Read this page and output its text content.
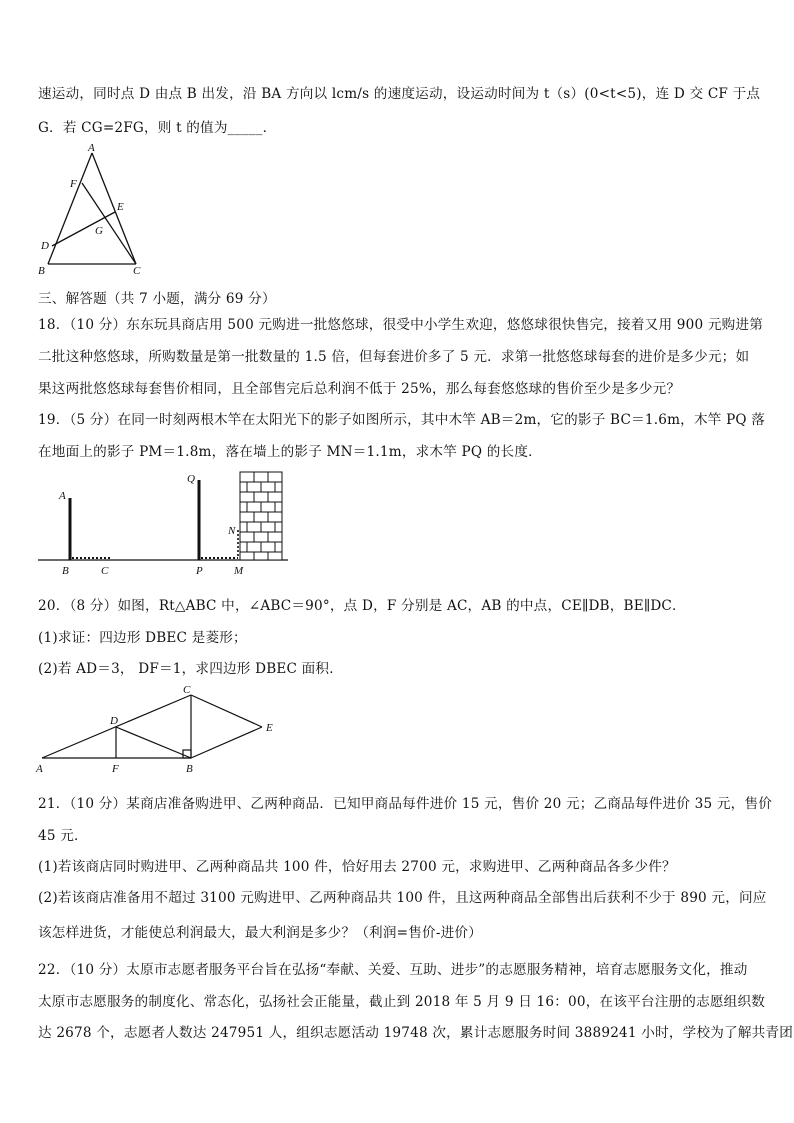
速运动，同时点 D 由点 B 出发，沿 BA 方向以 lcm/s 的速度运动，设运动时间为 t（s）(0<t<5)，连 D 交 CF 于点
G．若 CG=2FG，则 t 的值为_____．
A
F
E
G
D
B	C
三、解答题（共 7 小题，满分 69 分）
18．（10 分）东东玩具商店用 500 元购进一批悠悠球，很受中小学生欢迎，悠悠球很快售完，接着又用 900 元购进第
二批这种悠悠球，所购数量是第一批数量的 1.5 倍，但每套进价多了 5 元．求第一批悠悠球每套的进价是多少元；如
果这两批悠悠球每套售价相同，且全部售完后总利润不低于 25%，那么每套悠悠球的售价至少是多少元？
19．（5 分）在同一时刻两根木竿在太阳光下的影子如图所示，其中木竿 AB＝2m，它的影子 BC＝1.6m，木竿 PQ 落
在地面上的影子 PM＝1.8m，落在墙上的影子 MN＝1.1m，求木竿 PQ 的长度．
A
Q
N
B	C	P	M
20．（8 分）如图，Rt△ABC 中，∠ABC＝90°，点 D，F 分别是 AC，AB 的中点，CE∥DB，BE∥DC．
(1)求证：四边形 DBEC 是菱形；
(2)若 AD＝3， DF＝1，求四边形 DBEC 面积．
C
D
E
A	F	B
21．（10 分）某商店准备购进甲、乙两种商品．已知甲商品每件进价 15 元，售价 20 元；乙商品每件进价 35 元，售价
45 元．
(1)若该商店同时购进甲、乙两种商品共 100 件，恰好用去 2700 元，求购进甲、乙两种商品各多少件？
(2)若该商店准备用不超过 3100 元购进甲、乙两种商品共 100 件，且这两种商品全部售出后获利不少于 890 元，问应
该怎样进货，才能使总利润最大，最大利润是多少？（利润=售价-进价）
22．（10 分）太原市志愿者服务平台旨在弘扬“奉献、关爱、互助、进步”的志愿服务精神，培育志愿服务文化，推动
太原市志愿服务的制度化、常态化，弘扬社会正能量，截止到 2018 年 5 月 9 日 16：00，在该平台注册的志愿组织数
达 2678 个，志愿者人数达 247951 人，组织志愿活动 19748 次，累计志愿服务时间 3889241 小时，学校为了解共青团
